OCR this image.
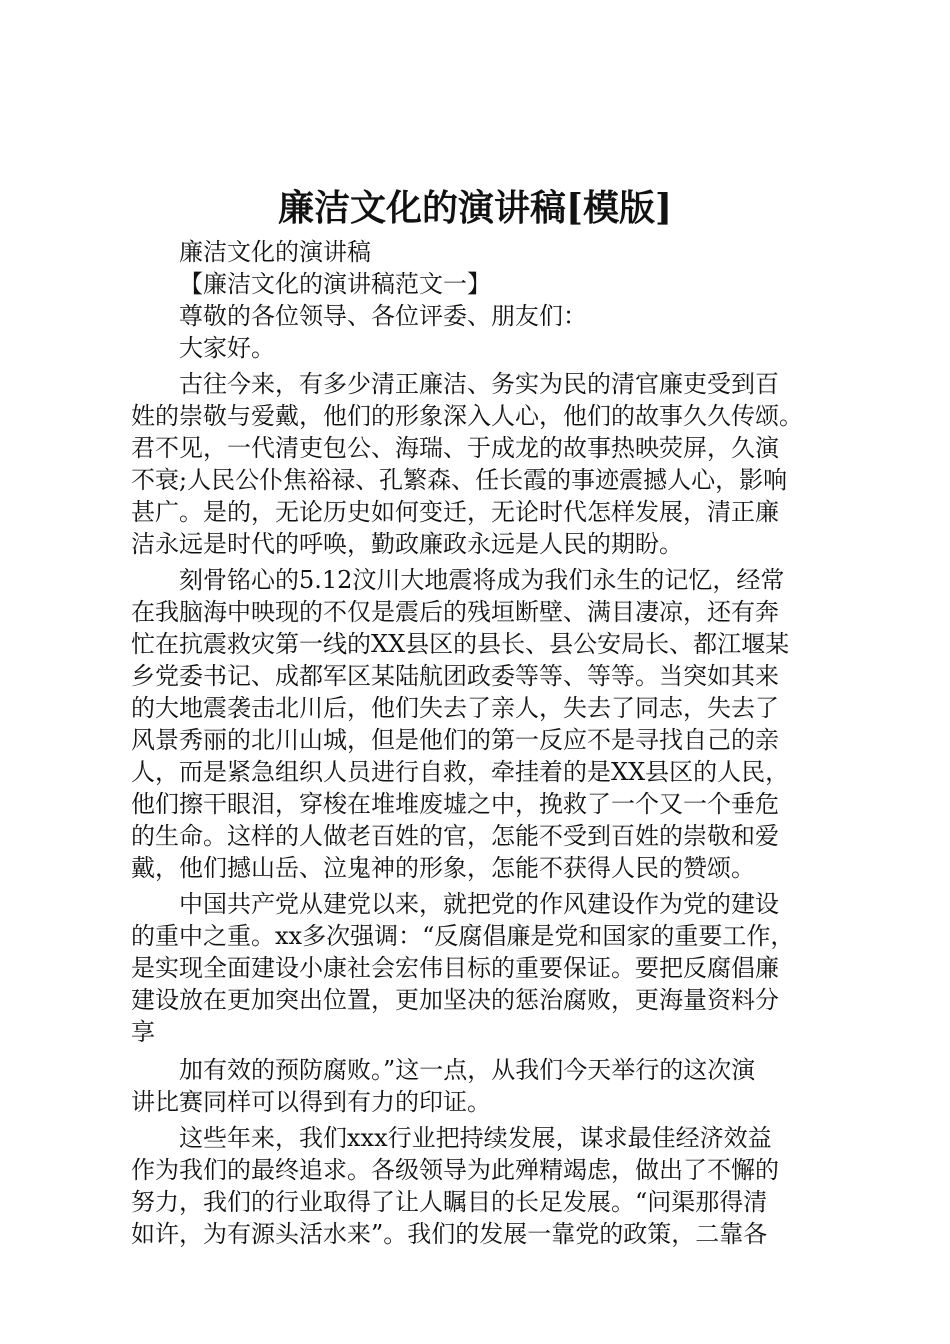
廉洁文化的演讲稿[模版]

廉洁文化的演讲稿

【廉洁文化的演讲稿范文一】

尊敬的各位领导、各位评委、朋友们：

大家好。

古往今来，有多少清正廉洁、务实为民的清官廉吏受到百

姓的崇敬与爱戴，他们的形象深入人心，他们的故事久久传颂。

君不见，一代清吏包公、海瑞、于成龙的故事热映荧屏，久演

不衰;人民公仆焦裕禄、孔繁森、任长霞的事迹震撼人心，影响

甚广。是的，无论历史如何变迁，无论时代怎样发展，清正廉

洁永远是时代的呼唤，勤政廉政永远是人民的期盼。

刻骨铭心的5.12汶川大地震将成为我们永生的记忆，经常

在我脑海中映现的不仅是震后的残垣断壁、满目凄凉，还有奔

忙在抗震救灾第一线的XX县区的县长、县公安局长、都江堰某

乡党委书记、成都军区某陆航团政委等等、等等。当突如其来

的大地震袭击北川后，他们失去了亲人，失去了同志，失去了

风景秀丽的北川山城，但是他们的第一反应不是寻找自己的亲

人，而是紧急组织人员进行自救，牵挂着的是XX县区的人民，

他们擦干眼泪，穿梭在堆堆废墟之中，挽救了一个又一个垂危

的生命。这样的人做老百姓的官，怎能不受到百姓的崇敬和爱

戴，他们撼山岳、泣鬼神的形象，怎能不获得人民的赞颂。

中国共产党从建党以来，就把党的作风建设作为党的建设

的重中之重。xx多次强调：“反腐倡廉是党和国家的重要工作，

是实现全面建设小康社会宏伟目标的重要保证。要把反腐倡廉

建设放在更加突出位置，更加坚决的惩治腐败，更海量资料分

享

加有效的预防腐败。”这一点，从我们今天举行的这次演

讲比赛同样可以得到有力的印证。

这些年来，我们xxx行业把持续发展，谋求最佳经济效益

作为我们的最终追求。各级领导为此殚精竭虑，做出了不懈的

努力，我们的行业取得了让人瞩目的长足发展。“问渠那得清

如许，为有源头活水来”。我们的发展一靠党的政策，二靠各
